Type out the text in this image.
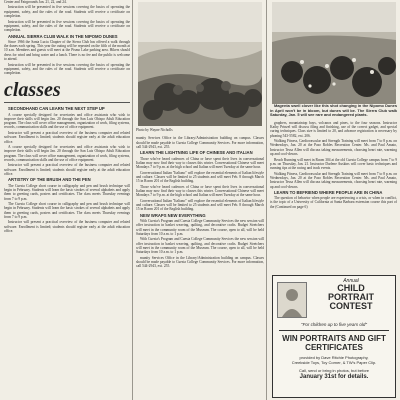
Center and Fairgrounds Jan. 21, 22, and 24.

Instruction will be presented in five sessions covering the basics of operating the equipment, safety, and the rules of the road. Students will receive a certificate on completion.

Instruction will be presented in five sessions covering the basics of operating the equipment, safety, and the rules of the road. Students will receive a certificate on completion.

ANNUAL SIERRA CLUB WALK IN THE NIPOMO DUNES

Since 1966 the Santa Lucia Chapter of the Sierra Club has offered a walk through the dunes each spring. This year the outing will be repeated on the fifth of the month at 10 a.m. Members and guests will meet at the Pismo Lake parking area. Hikers should dress for wind and bring water and a lunch. There is no fee and the public is welcome to attend.

Instruction will be presented in five sessions covering the basics of operating the equipment, safety, and the rules of the road. Students will receive a certificate on completion.

classes

SECONDHAND CAN LEARN THE NEXT STEP UP

A course specially designed for secretaries and office assistants who wish to improve their skills will begin Jan. 20 through the San Luis Obispo Adult Education program. The class will cover office management, organization of work, filing systems, records, communication skills and the use of office equipment.

Instructor will present a practical overview of the business computer and related software. Enrollment is limited; students should register early at the adult education office.

A course specially designed for secretaries and office assistants who wish to improve their skills will begin Jan. 20 through the San Luis Obispo Adult Education program. The class will cover office management, organization of work, filing systems, records, communication skills and the use of office equipment.

Instructor will present a practical overview of the business computer and related software. Enrollment is limited; students should register early at the adult education office.

ARTISTRY OF THE BRUSH AND THE PEN

The Cuesta College short course in calligraphy and pen and brush technique will begin in February. Students will learn the basic strokes of several alphabets and apply them to greeting cards, posters and certificates. The class meets Thursday evenings from 7 to 9 p.m.

The Cuesta College short course in calligraphy and pen and brush technique will begin in February. Students will learn the basic strokes of several alphabets and apply them to greeting cards, posters and certificates. The class meets Thursday evenings from 7 to 9 p.m.

Instructor will present a practical overview of the business computer and related software. Enrollment is limited; students should register early at the adult education office.

Photo by Wayne Nicholls

munity Services Office in the Library/Administration building on campus. Classes should be made payable to Cuesta College Community Services. For more information, call 544-2943, ext. 255.

LEARN THE LIGHTNING LIFE OF CHINESE AND ITALIAN

Those who've heard cadences of China or have spent their lives in conversational Italian may now find their way to classes this winter. Conversational Chinese will meet Mondays 7 to 9 p.m. at the high school and Italian will meet Tuesday at the same hour.

Conversational Italian "Italiano" will explore the essential elements of Italian lifestyle and culture. Classes will be limited to 25 students and will meet Feb. 8 through March 15 in Room 201 of the English building.

Those who've heard cadences of China or have spent their lives in conversational Italian may now find their way to classes this winter. Conversational Chinese will meet Mondays 7 to 9 p.m. at the high school and Italian will meet Tuesday at the same hour.

Conversational Italian "Italiano" will explore the essential elements of Italian lifestyle and culture. Classes will be limited to 25 students and will meet Feb. 8 through March 15 in Room 201 of the English building.

NEW WRAPS NEW EVERYTHING

With Cuesta's Program and Cuesta College Community Services the new session will offer instruction in basket weaving, quilting, and decorative crafts. Budget Stretchers will meet in the community room of the Museum. The course, open to all, will be held Saturdays from 10 a.m. to 1 p.m.

With Cuesta's Program and Cuesta College Community Services the new session will offer instruction in basket weaving, quilting, and decorative crafts. Budget Stretchers will meet in the community room of the Museum. The course, open to all, will be held Saturdays from 10 a.m. to 1 p.m.

munity Services Office in the Library/Administration building on campus. Classes should be made payable to Cuesta College Community Services. For more information, call 544-2943, ext. 255.

Magenta swell clover like this shot changing in the Nipomo Dunes in April won't be in bloom, but dunes will be. The Sierra Club walk Saturday, Jan. 5 will see rare and endangered plants.

graphers, mountaintop bays, volcanos and pines, to the four seasons. Instructor Kathy Prinzel will discuss filing and finishing, use of the correct gadget, and special curing techniques. Class size is limited to 20, and advance registration is necessary by phoning 543-5582, ext. 206.

Walking Fitness, Cardiovascular and Strength Training will meet from 7 to 8 p.m. on Wednesdays, Jan. 20 at the Paso Robles Recreation Center. Ms. and Paul Amato, Instructor Tessa Allen will discuss taking measurements, choosing heart rate, warming up and cool-downs.

Beach Running will meet in Room 304 at the old Cuesta College campus from 7 to 9 p.m. on Thursday, Jan. 21. Instructor Darlene Auskins will cover basic techniques and running tips at the racing and track events.

Walking Fitness, Cardiovascular and Strength Training will meet from 7 to 8 p.m. on Wednesdays, Jan. 20 at the Paso Robles Recreation Center. Ms. and Paul Amato, Instructor Tessa Allen will discuss taking measurements, choosing heart rate, warming up and cool-downs.

LEARN TO BEFRIEND WHERE PEOPLE ARE IN CHINA

The question of behavior when people are experiencing a crisis, or when in conflict, is the topic of a University of California at Santa Barbara extension course this part of the (Continued on page 6)

Annual
CHILD
PORTRAIT
CONTEST
"For children up to five years old"
WIN PORTRAITS AND GIFT CERTIFICATES
provided by Dave Ritchie Photography,
Creekside Toys, Toy Corner, & TW's Paper Clip.
Call, send or bring in photos, but before
January 31st for details.
